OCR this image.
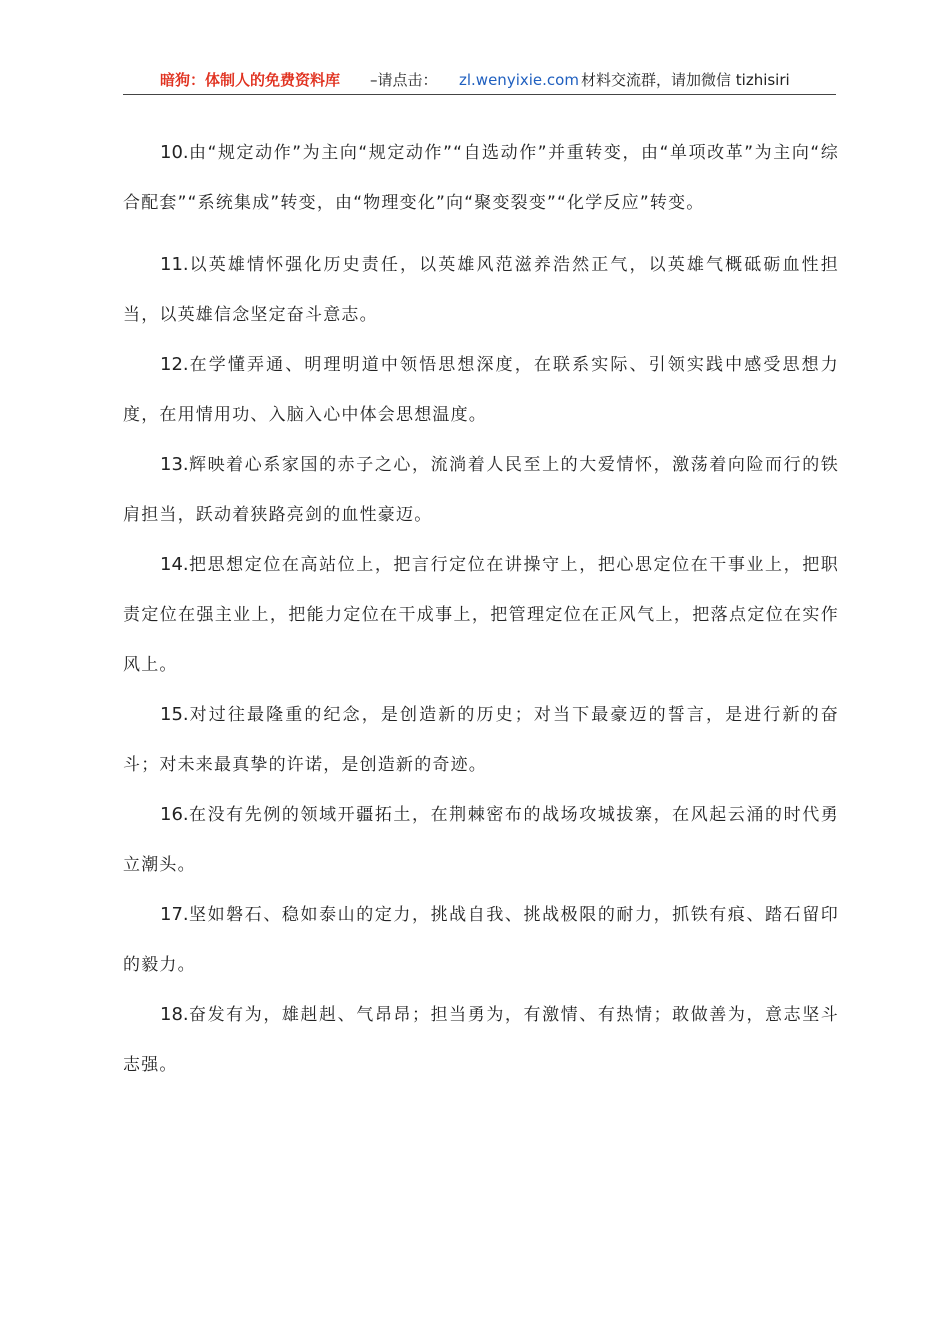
暗狗：体制人的免费资料库 –请点击： zl.wenyixie.com 材料交流群，请加微信 tizhisiri

10.由“规定动作”为主向“规定动作”“自选动作”并重转变，由“单项改革”为主向“综合配套”“系统集成”转变，由“物理变化”向“聚变裂变”“化学反应”转变。

11.以英雄情怀强化历史责任，以英雄风范滋养浩然正气，以英雄气概砥砺血性担当，以英雄信念坚定奋斗意志。

12.在学懂弄通、明理明道中领悟思想深度，在联系实际、引领实践中感受思想力度，在用情用功、入脑入心中体会思想温度。

13.辉映着心系家国的赤子之心，流淌着人民至上的大爱情怀，激荡着向险而行的铁肩担当，跃动着狭路亮剑的血性豪迈。

14.把思想定位在高站位上，把言行定位在讲操守上，把心思定位在干事业上，把职责定位在强主业上，把能力定位在干成事上，把管理定位在正风气上，把落点定位在实作风上。

15.对过往最隆重的纪念，是创造新的历史；对当下最豪迈的誓言，是进行新的奋斗；对未来最真挚的许诺，是创造新的奇迹。

16.在没有先例的领域开疆拓土，在荆棘密布的战场攻城拔寨，在风起云涌的时代勇立潮头。

17.坚如磐石、稳如泰山的定力，挑战自我、挑战极限的耐力，抓铁有痕、踏石留印的毅力。

18.奋发有为，雄赳赳、气昂昂；担当勇为，有激情、有热情；敢做善为，意志坚斗志强。
